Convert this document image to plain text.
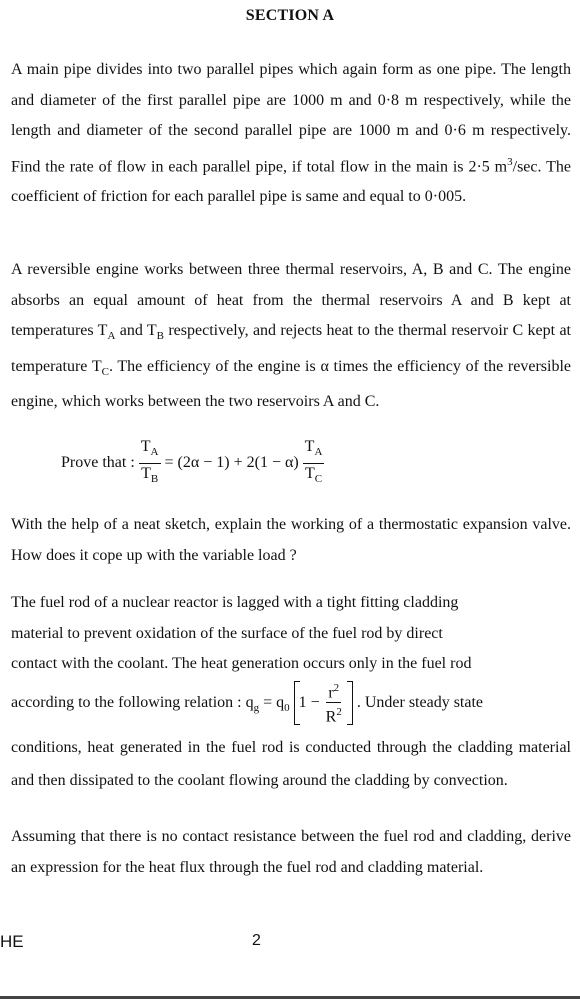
SECTION A

A main pipe divides into two parallel pipes which again form as one pipe. The length and diameter of the first parallel pipe are 1000 m and 0·8 m respectively, while the length and diameter of the second parallel pipe are 1000 m and 0·6 m respectively. Find the rate of flow in each parallel pipe, if total flow in the main is 2·5 $m^3/\sec$. The coefficient of friction for each parallel pipe is same and equal to 0·005.

A reversible engine works between three thermal reservoirs, A, B and C. The engine absorbs an equal amount of heat from the thermal reservoirs A and B kept at temperatures $T_A$ and $T_B$ respectively, and rejects heat to the thermal reservoir C kept at temperature $T_C$. The efficiency of the engine is α times the efficiency of the reversible engine, which works between the two reservoirs A and C.

Prove that : $\frac{T_A}{T_B} = (2\alpha - 1) + 2(1 - \alpha) \frac{T_A}{T_C}$

With the help of a neat sketch, explain the working of a thermostatic expansion valve. How does it cope up with the variable load ?

The fuel rod of a nuclear reactor is lagged with a tight fitting cladding
material to prevent oxidation of the surface of the fuel rod by direct
contact with the coolant. The heat generation occurs only in the fuel rod
according to the following relation : $q_g = q_0$ $1 - \frac{r^2}{R^2}$ . Under steady state
conditions, heat generated in the fuel rod is conducted through the cladding material and then dissipated to the coolant flowing around the cladding by convection.

Assuming that there is no contact resistance between the fuel rod and cladding, derive an expression for the heat flux through the fuel rod and cladding material.

HE	2
